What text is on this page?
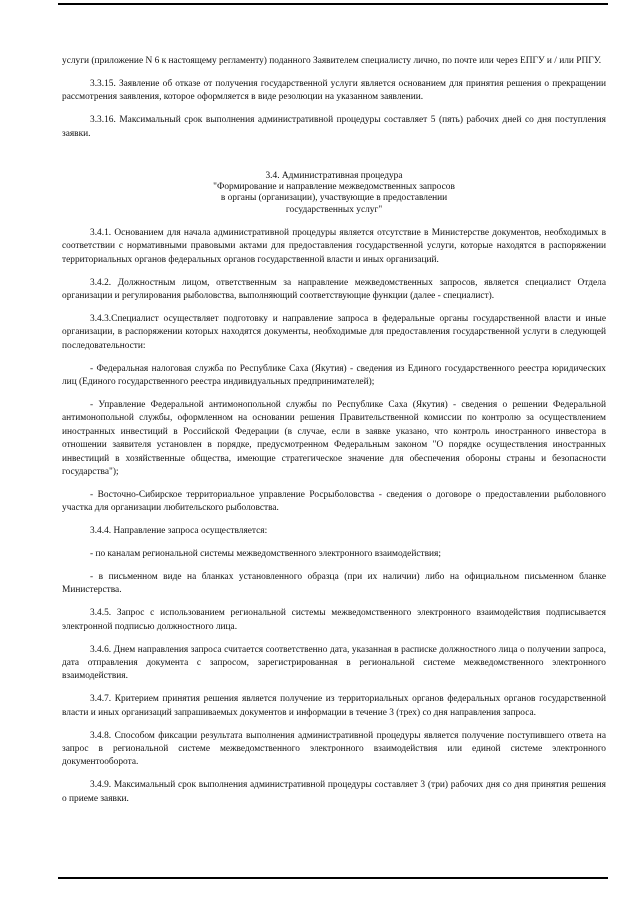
услуги (приложение N 6 к настоящему регламенту) поданного Заявителем специалисту лично, по почте или через ЕПГУ и / или РПГУ.

3.3.15. Заявление об отказе от получения государственной услуги является основанием для принятия решения о прекращении рассмотрения заявления, которое оформляется в виде резолюции на указанном заявлении.

3.3.16. Максимальный срок выполнения административной процедуры составляет 5 (пять) рабочих дней со дня поступления заявки.

3.4. Административная процедура
"Формирование и направление межведомственных запросов
в органы (организации), участвующие в предоставлении
государственных услуг"

3.4.1. Основанием для начала административной процедуры является отсутствие в Министерстве документов, необходимых в соответствии с нормативными правовыми актами для предоставления государственной услуги, которые находятся в распоряжении территориальных органов федеральных органов государственной власти и иных организаций.

3.4.2. Должностным лицом, ответственным за направление межведомственных запросов, является специалист Отдела организации и регулирования рыболовства, выполняющий соответствующие функции (далее - специалист).

3.4.3.Специалист осуществляет подготовку и направление запроса в федеральные органы государственной власти и иные организации, в распоряжении которых находятся документы, необходимые для предоставления государственной услуги в следующей последовательности:

- Федеральная налоговая служба по Республике Саха (Якутия) - сведения из Единого государственного реестра юридических лиц (Единого государственного реестра индивидуальных предпринимателей);

- Управление Федеральной антимонопольной службы по Республике Саха (Якутия) - сведения о решении Федеральной антимонопольной службы, оформленном на основании решения Правительственной комиссии по контролю за осуществлением иностранных инвестиций в Российской Федерации (в случае, если в заявке указано, что контроль иностранного инвестора в отношении заявителя установлен в порядке, предусмотренном Федеральным законом "О порядке осуществления иностранных инвестиций в хозяйственные общества, имеющие стратегическое значение для обеспечения обороны страны и безопасности государства");

- Восточно-Сибирское территориальное управление Росрыболовства - сведения о договоре о предоставлении рыболовного участка для организации любительского рыболовства.

3.4.4. Направление запроса осуществляется:

- по каналам региональной системы межведомственного электронного взаимодействия;

- в письменном виде на бланках установленного образца (при их наличии) либо на официальном письменном бланке Министерства.

3.4.5. Запрос с использованием региональной системы межведомственного электронного взаимодействия подписывается электронной подписью должностного лица.

3.4.6. Днем направления запроса считается соответственно дата, указанная в расписке должностного лица о получении запроса, дата отправления документа с запросом, зарегистрированная в региональной системе межведомственного электронного взаимодействия.

3.4.7. Критерием принятия решения является получение из территориальных органов федеральных органов государственной власти и иных организаций запрашиваемых документов и информации в течение 3 (трех) со дня направления запроса.

3.4.8. Способом фиксации результата выполнения административной процедуры является получение поступившего ответа на запрос в региональной системе межведомственного электронного взаимодействия или единой системе электронного документооборота.

3.4.9. Максимальный срок выполнения административной процедуры составляет 3 (три) рабочих дня со дня принятия решения о приеме заявки.
